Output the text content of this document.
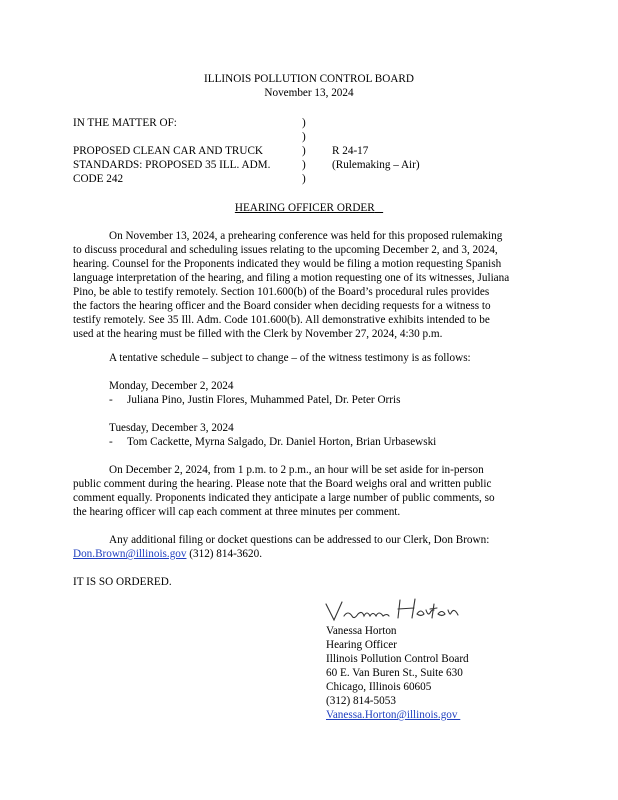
ILLINOIS POLLUTION CONTROL BOARD
November 13, 2024
IN THE MATTER OF:
PROPOSED CLEAN CAR AND TRUCK
STANDARDS: PROPOSED 35 ILL. ADM.
CODE 242
)
)
)
)
)
R 24-17
(Rulemaking – Air)
HEARING OFFICER ORDER
On November 13, 2024, a prehearing conference was held for this proposed rulemaking
to discuss procedural and scheduling issues relating to the upcoming December 2, and 3, 2024,
hearing. Counsel for the Proponents indicated they would be filing a motion requesting Spanish
language interpretation of the hearing, and filing a motion requesting one of its witnesses, Juliana
Pino, be able to testify remotely. Section 101.600(b) of the Board’s procedural rules provides
the factors the hearing officer and the Board consider when deciding requests for a witness to
testify remotely. See 35 Ill. Adm. Code 101.600(b). All demonstrative exhibits intended to be
used at the hearing must be filled with the Clerk by November 27, 2024, 4:30 p.m.
A tentative schedule – subject to change – of the witness testimony is as follows:
Monday, December 2, 2024
- Juliana Pino, Justin Flores, Muhammed Patel, Dr. Peter Orris
Tuesday, December 3, 2024
- Tom Cackette, Myrna Salgado, Dr. Daniel Horton, Brian Urbasewski
On December 2, 2024, from 1 p.m. to 2 p.m., an hour will be set aside for in-person
public comment during the hearing. Please note that the Board weighs oral and written public
comment equally. Proponents indicated they anticipate a large number of public comments, so
the hearing officer will cap each comment at three minutes per comment.
Any additional filing or docket questions can be addressed to our Clerk, Don Brown:
Don.Brown@illinois.gov (312) 814-3620.
IT IS SO ORDERED.
Vanessa Horton
Hearing Officer
Illinois Pollution Control Board
60 E. Van Buren St., Suite 630
Chicago, Illinois 60605
(312) 814-5053
Vanessa.Horton@illinois.gov
